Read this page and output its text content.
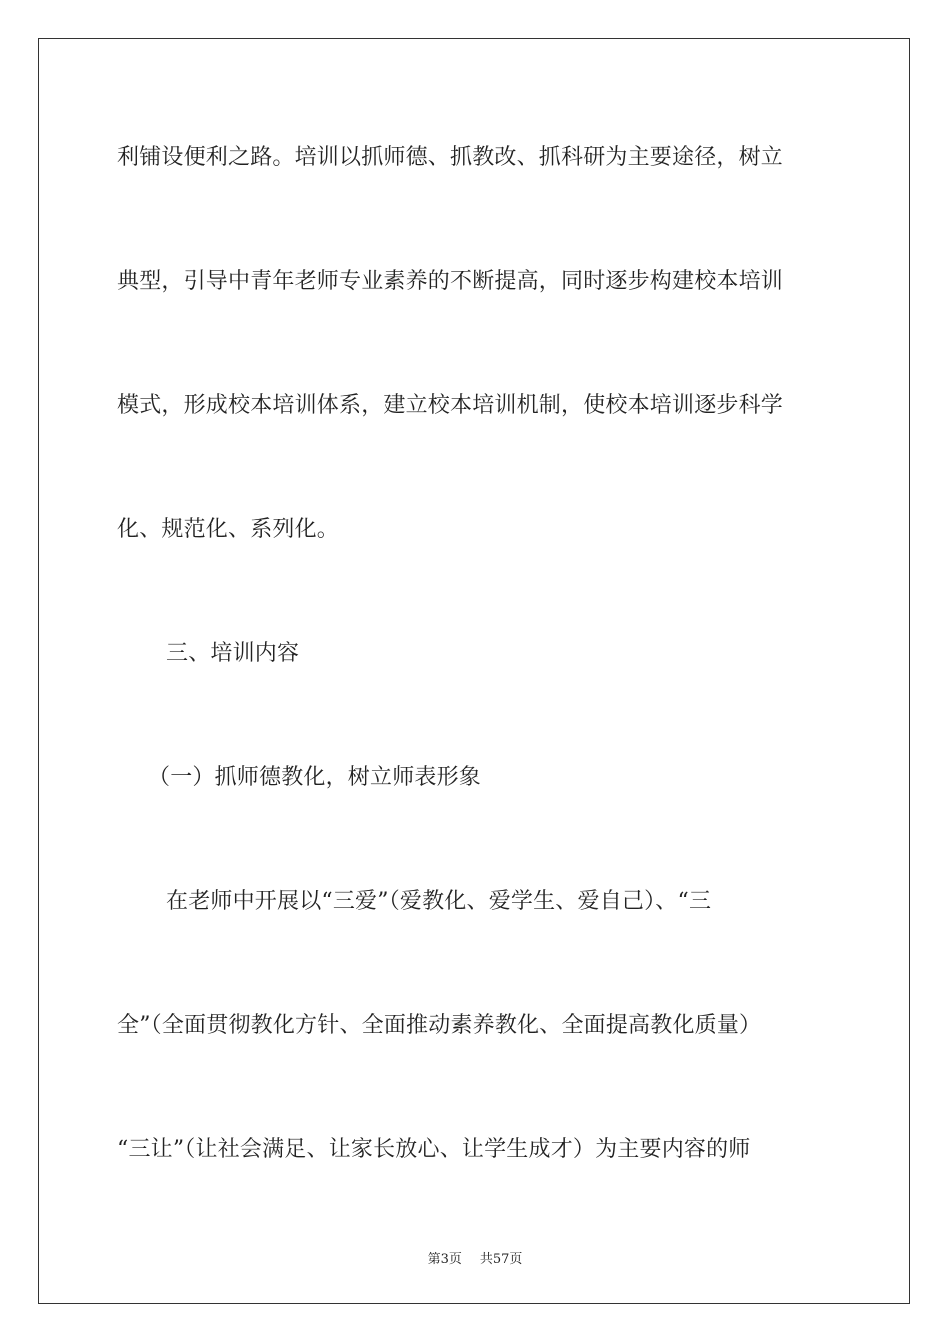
利铺设便利之路。培训以抓师德、抓教改、抓科研为主要途径，树立
典型，引导中青年老师专业素养的不断提高，同时逐步构建校本培训
模式，形成校本培训体系，建立校本培训机制，使校本培训逐步科学
化、规范化、系列化。
三、培训内容
（一）抓师德教化，树立师表形象
在老师中开展以“三爱”（爱教化、爱学生、爱自己）、“三
全”（全面贯彻教化方针、全面推动素养教化、全面提高教化质量）
“三让”（让社会满足、让家长放心、让学生成才）为主要内容的师
第3页 共57页
